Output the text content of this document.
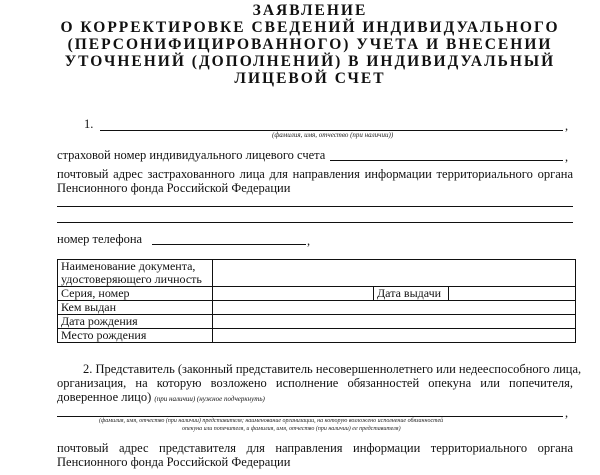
ЗАЯВЛЕНИЕ
О КОРРЕКТИРОВКЕ СВЕДЕНИЙ ИНДИВИДУАЛЬНОГО
(ПЕРСОНИФИЦИРОВАННОГО) УЧЕТА И ВНЕСЕНИИ
УТОЧНЕНИЙ (ДОПОЛНЕНИЙ) В ИНДИВИДУАЛЬНЫЙ
ЛИЦЕВОЙ СЧЕТ
1.	,
(фамилия, имя, отчество (при наличии))
страховой номер индивидуального лицевого счета	,
почтовый адрес застрахованного лица для направления информации территориального органа
Пенсионного фонда Российской Федерации
номер телефона	,
Наименование документа,
удостоверяющего личность			

Серия, номер		Дата выдачи	
Кем выдан			
Дата рождения			
Место рождения			
2. Представитель (законный представитель несовершеннолетнего или недееспособного лица,
организация, на которую возложено исполнение обязанностей опекуна или попечителя,
доверенное лицо) (при наличии) (нужное подчеркнуть)
,
(фамилия, имя, отчество (при наличии) представителя; наименование организации, на которую возложено исполнение обязанностей
опекуна или попечителя, и фамилия, имя, отчество (при наличии) ее представителя)
почтовый адрес представителя для направления информации территориального органа
Пенсионного фонда Российской Федерации
